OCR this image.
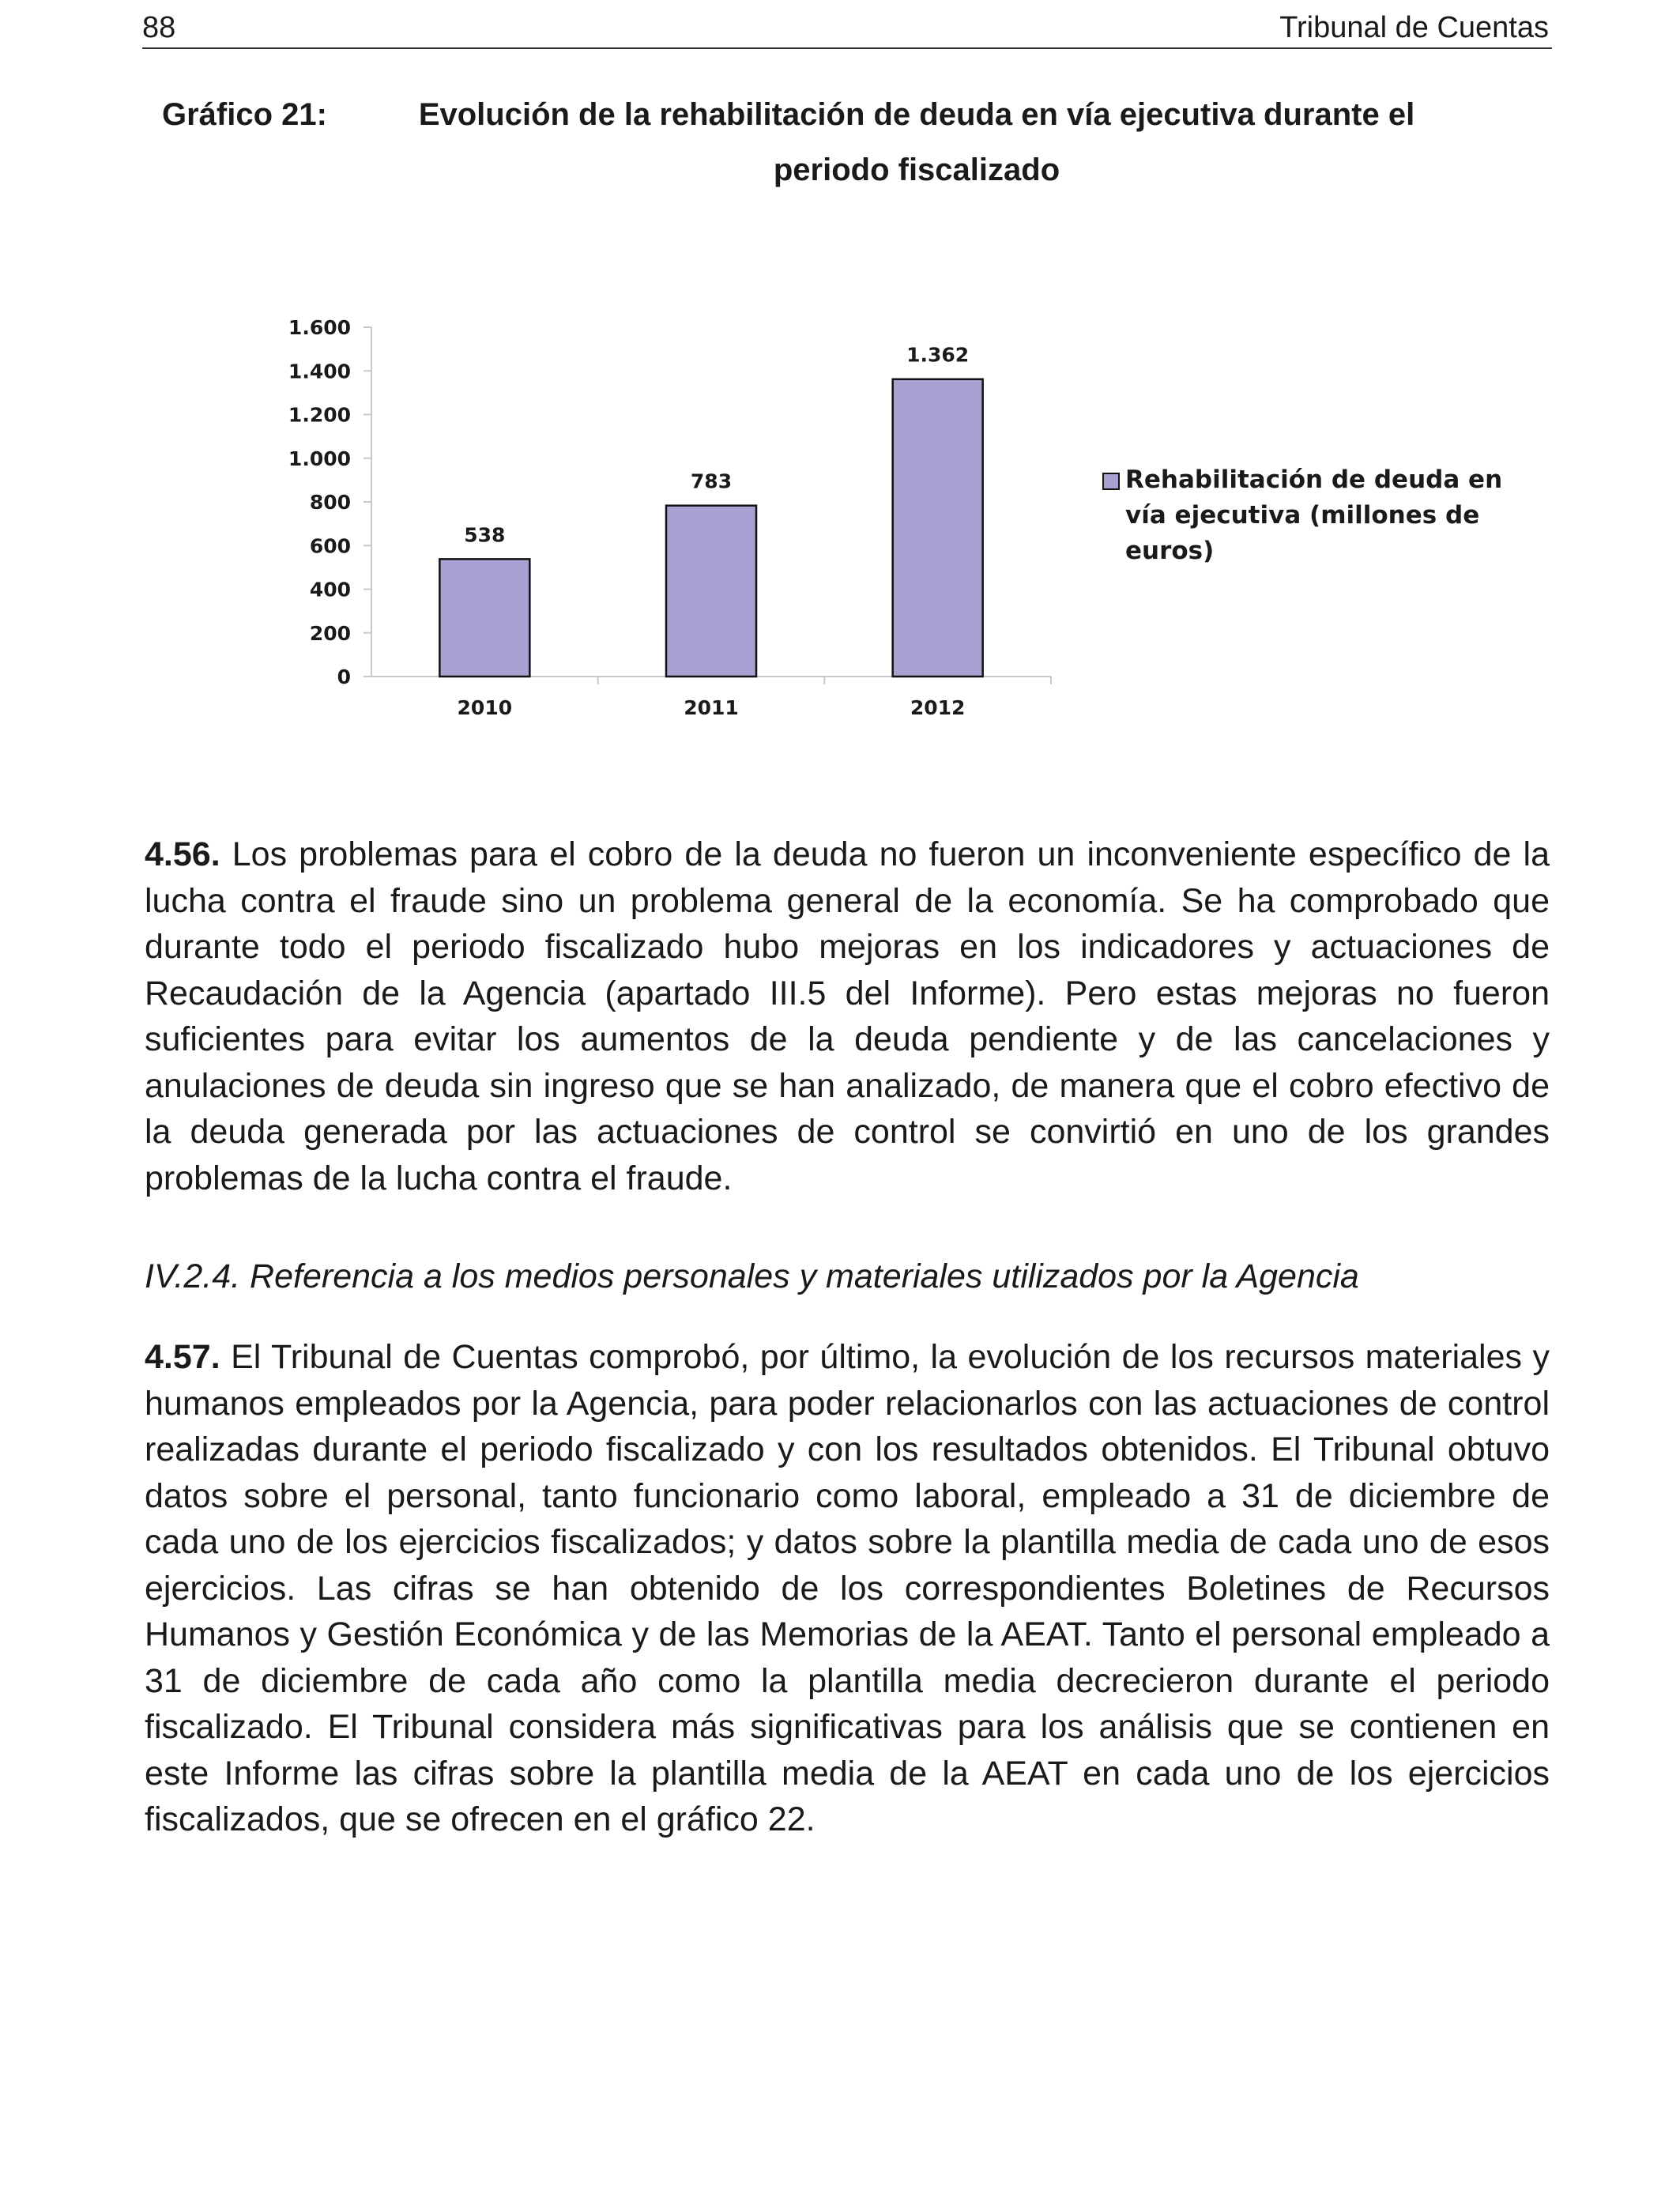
88	Tribunal de Cuentas
Gráfico 21:	Evolución de la rehabilitación de deuda en vía ejecutiva durante el periodo fiscalizado
0
200
400
600
800
1.000
1.200
1.400
1.600
538
2010
783
2011
1.362
2012
Rehabilitación de deuda en
vía ejecutiva (millones de
euros)
4.56. Los problemas para el cobro de la deuda no fueron un inconveniente específico de la lucha contra el fraude sino un problema general de la economía. Se ha comprobado que durante todo el periodo fiscalizado hubo mejoras en los indicadores y actuaciones de Recaudación de la Agencia (apartado III.5 del Informe). Pero estas mejoras no fueron suficientes para evitar los aumentos de la deuda pendiente y de las cancelaciones y anulaciones de deuda sin ingreso que se han analizado, de manera que el cobro efectivo de la deuda generada por las actuaciones de control se convirtió en uno de los grandes problemas de la lucha contra el fraude.
IV.2.4. Referencia a los medios personales y materiales utilizados por la Agencia
4.57. El Tribunal de Cuentas comprobó, por último, la evolución de los recursos materiales y humanos empleados por la Agencia, para poder relacionarlos con las actuaciones de control realizadas durante el periodo fiscalizado y con los resultados obtenidos. El Tribunal obtuvo datos sobre el personal, tanto funcionario como laboral, empleado a 31 de diciembre de cada uno de los ejercicios fiscalizados; y datos sobre la plantilla media de cada uno de esos ejercicios. Las cifras se han obtenido de los correspondientes Boletines de Recursos Humanos y Gestión Económica y de las Memorias de la AEAT. Tanto el personal empleado a 31 de diciembre de cada año como la plantilla media decrecieron durante el periodo fiscalizado. El Tribunal considera más significativas para los análisis que se contienen en este Informe las cifras sobre la plantilla media de la AEAT en cada uno de los ejercicios fiscalizados, que se ofrecen en el gráfico 22.
